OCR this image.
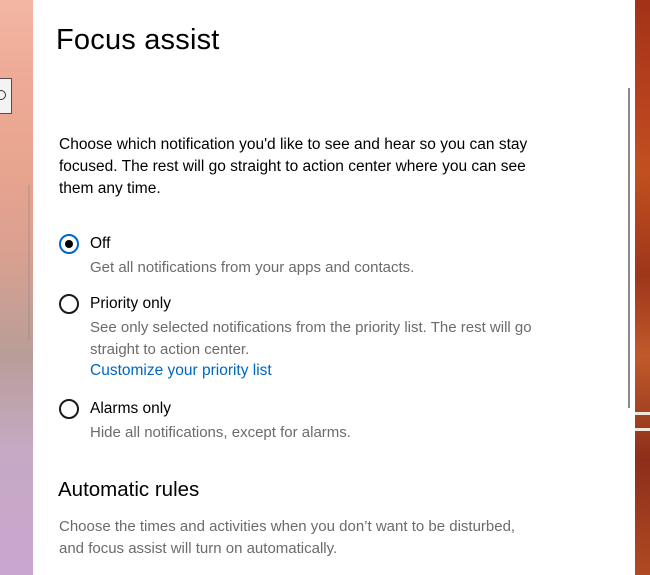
Focus assist
Choose which notification you'd like to see and hear so you can stay focused. The rest will go straight to action center where you can see them any time.
Off
Get all notifications from your apps and contacts.
Priority only
See only selected notifications from the priority list. The rest will go straight to action center.
Customize your priority list
Alarms only
Hide all notifications, except for alarms.
Automatic rules
Choose the times and activities when you don’t want to be disturbed, and focus assist will turn on automatically.
